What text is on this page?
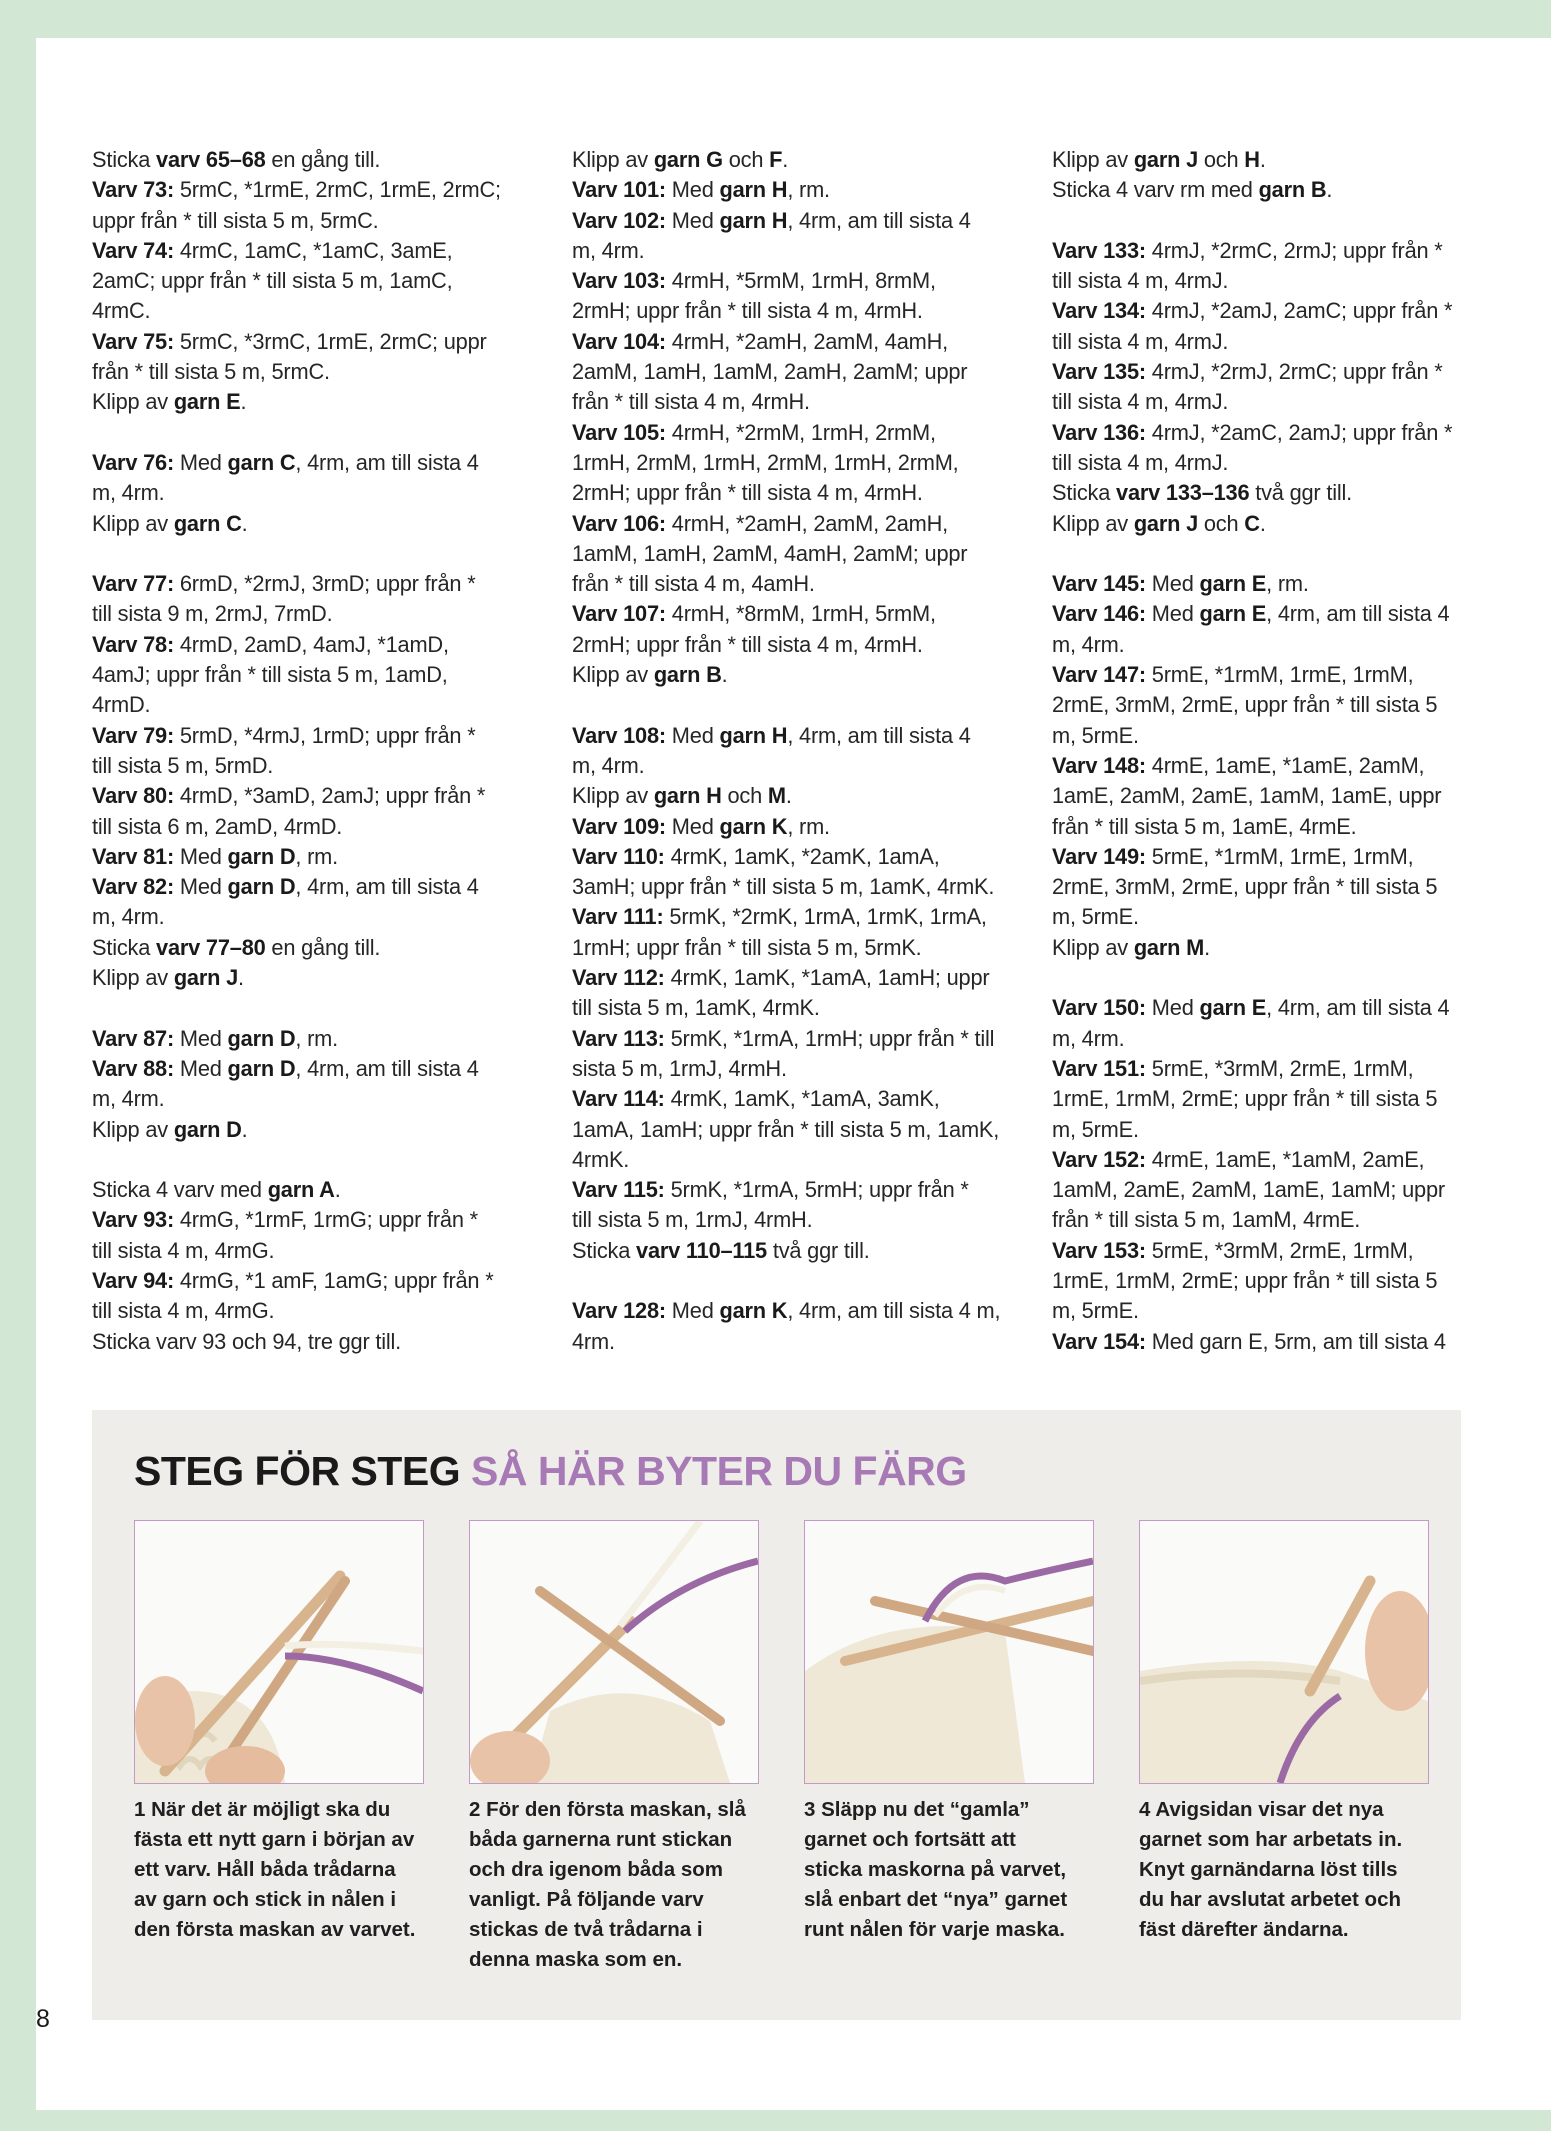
Sticka varv 65–68 en gång till.
Varv 73: 5rmC, *1rmE, 2rmC, 1rmE, 2rmC;
uppr från * till sista 5 m, 5rmC.
Varv 74: 4rmC, 1amC, *1amC, 3amE,
2amC; uppr från * till sista 5 m, 1amC,
4rmC.
Varv 75: 5rmC, *3rmC, 1rmE, 2rmC; uppr
från * till sista 5 m, 5rmC.
Klipp av garn E.
Varv 76: Med garn C, 4rm, am till sista 4
m, 4rm.
Klipp av garn C.
Varv 77: 6rmD, *2rmJ, 3rmD; uppr från *
till sista 9 m, 2rmJ, 7rmD.
Varv 78: 4rmD, 2amD, 4amJ, *1amD,
4amJ; uppr från * till sista 5 m, 1amD,
4rmD.
Varv 79: 5rmD, *4rmJ, 1rmD; uppr från *
till sista 5 m, 5rmD.
Varv 80: 4rmD, *3amD, 2amJ; uppr från *
till sista 6 m, 2amD, 4rmD.
Varv 81: Med garn D, rm.
Varv 82: Med garn D, 4rm, am till sista 4
m, 4rm.
Sticka varv 77–80 en gång till.
Klipp av garn J.
Varv 87: Med garn D, rm.
Varv 88: Med garn D, 4rm, am till sista 4
m, 4rm.
Klipp av garn D.
Sticka 4 varv med garn A.
Varv 93: 4rmG, *1rmF, 1rmG; uppr från *
till sista 4 m, 4rmG.
Varv 94: 4rmG, *1 amF, 1amG; uppr från *
till sista 4 m, 4rmG.
Sticka varv 93 och 94, tre ggr till.
Klipp av garn G och F.
Varv 101: Med garn H, rm.
Varv 102: Med garn H, 4rm, am till sista 4
m, 4rm.
Varv 103: 4rmH, *5rmM, 1rmH, 8rmM,
2rmH; uppr från * till sista 4 m, 4rmH.
Varv 104: 4rmH, *2amH, 2amM, 4amH,
2amM, 1amH, 1amM, 2amH, 2amM; uppr
från * till sista 4 m, 4rmH.
Varv 105: 4rmH, *2rmM, 1rmH, 2rmM,
1rmH, 2rmM, 1rmH, 2rmM, 1rmH, 2rmM,
2rmH; uppr från * till sista 4 m, 4rmH.
Varv 106: 4rmH, *2amH, 2amM, 2amH,
1amM, 1amH, 2amM, 4amH, 2amM; uppr
från * till sista 4 m, 4amH.
Varv 107: 4rmH, *8rmM, 1rmH, 5rmM,
2rmH; uppr från * till sista 4 m, 4rmH.
Klipp av garn B.
Varv 108: Med garn H, 4rm, am till sista 4
m, 4rm.
Klipp av garn H och M.
Varv 109: Med garn K, rm.
Varv 110: 4rmK, 1amK, *2amK, 1amA,
3amH; uppr från * till sista 5 m, 1amK, 4rmK.
Varv 111: 5rmK, *2rmK, 1rmA, 1rmK, 1rmA,
1rmH; uppr från * till sista 5 m, 5rmK.
Varv 112: 4rmK, 1amK, *1amA, 1amH; uppr
till sista 5 m, 1amK, 4rmK.
Varv 113: 5rmK, *1rmA, 1rmH; uppr från * till
sista 5 m, 1rmJ, 4rmH.
Varv 114: 4rmK, 1amK, *1amA, 3amK,
1amA, 1amH; uppr från * till sista 5 m, 1amK,
4rmK.
Varv 115: 5rmK, *1rmA, 5rmH; uppr från *
till sista 5 m, 1rmJ, 4rmH.
Sticka varv 110–115 två ggr till.
Varv 128: Med garn K, 4rm, am till sista 4 m,
4rm.
Klipp av garn J och H.
Sticka 4 varv rm med garn B.
Varv 133: 4rmJ, *2rmC, 2rmJ; uppr från *
till sista 4 m, 4rmJ.
Varv 134: 4rmJ, *2amJ, 2amC; uppr från *
till sista 4 m, 4rmJ.
Varv 135: 4rmJ, *2rmJ, 2rmC; uppr från *
till sista 4 m, 4rmJ.
Varv 136: 4rmJ, *2amC, 2amJ; uppr från *
till sista 4 m, 4rmJ.
Sticka varv 133–136 två ggr till.
Klipp av garn J och C.
Varv 145: Med garn E, rm.
Varv 146: Med garn E, 4rm, am till sista 4
m, 4rm.
Varv 147: 5rmE, *1rmM, 1rmE, 1rmM,
2rmE, 3rmM, 2rmE, uppr från * till sista 5
m, 5rmE.
Varv 148: 4rmE, 1amE, *1amE, 2amM,
1amE, 2amM, 2amE, 1amM, 1amE, uppr
från * till sista 5 m, 1amE, 4rmE.
Varv 149: 5rmE, *1rmM, 1rmE, 1rmM,
2rmE, 3rmM, 2rmE, uppr från * till sista 5
m, 5rmE.
Klipp av garn M.
Varv 150: Med garn E, 4rm, am till sista 4
m, 4rm.
Varv 151: 5rmE, *3rmM, 2rmE, 1rmM,
1rmE, 1rmM, 2rmE; uppr från * till sista 5
m, 5rmE.
Varv 152: 4rmE, 1amE, *1amM, 2amE,
1amM, 2amE, 2amM, 1amE, 1amM; uppr
från * till sista 5 m, 1amM, 4rmE.
Varv 153: 5rmE, *3rmM, 2rmE, 1rmM,
1rmE, 1rmM, 2rmE; uppr från * till sista 5
m, 5rmE.
Varv 154: Med garn E, 5rm, am till sista 4
STEG FÖR STEG SÅ HÄR BYTER DU FÄRG
1 När det är möjligt ska du
fästa ett nytt garn i början av
ett varv. Håll båda trådarna
av garn och stick in nålen i
den första maskan av varvet.
2 För den första maskan, slå
båda garnerna runt stickan
och dra igenom båda som
vanligt. På följande varv
stickas de två trådarna i
denna maska som en.
3 Släpp nu det “gamla”
garnet och fortsätt att
sticka maskorna på varvet,
slå enbart det “nya” garnet
runt nålen för varje maska.
4 Avigsidan visar det nya
garnet som har arbetats in.
Knyt garnändarna löst tills
du har avslutat arbetet och
fäst därefter ändarna.
8
